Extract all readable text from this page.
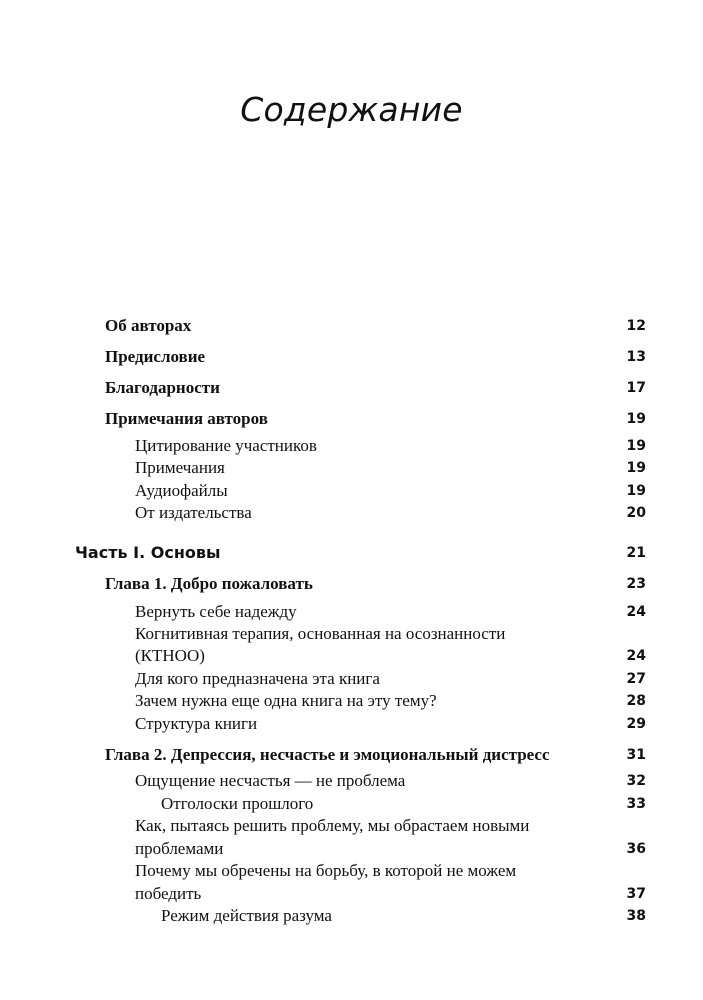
Содержание
Об авторах	12
Предисловие	13
Благодарности	17
Примечания авторов	19
Цитирование участников	19
Примечания	19
Аудиофайлы	19
От издательства	20
Часть I. Основы	21
Глава 1. Добро пожаловать	23
Вернуть себе надежду	24
Когнитивная терапия, основанная на осознанности
(КТНОО)	24
Для кого предназначена эта книга	27
Зачем нужна еще одна книга на эту тему?	28
Структура книги	29
Глава 2. Депрессия, несчастье и эмоциональный дистресс	31
Ощущение несчастья — не проблема	32
Отголоски прошлого	33
Как, пытаясь решить проблему, мы обрастаем новыми
проблемами	36
Почему мы обречены на борьбу, в которой не можем
победить	37
Режим действия разума	38
